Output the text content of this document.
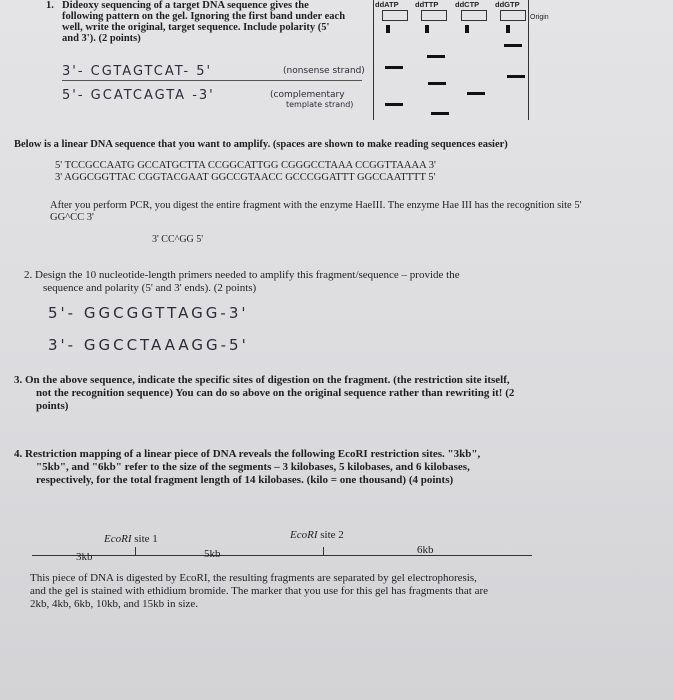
1. Dideoxy sequencing of a target DNA sequence gives the
following pattern on the gel. Ignoring the first band under each
well, write the original, target sequence. Include polarity (5'
and 3'). (2 points)
3'- CGTAGTCAT- 5'	(nonsense strand)
5'- GCATCAGTA -3'	(complementary
template strand)
ddATP ddTTP ddCTP ddGTP
Origin
Below is a linear DNA sequence that you want to amplify. (spaces are shown to make reading sequences easier)
5' TCCGCCAATG GCCATGCTTA CCGGCATTGG CGGGCCTAAA CCGGTTAAAA 3'
3' AGGCGGTTAC CGGTACGAAT GGCCGTAACC GCCCGGATTT GGCCAATTTT 5'
After you perform PCR, you digest the entire fragment with the enzyme HaeIII. The enzyme Hae III has the recognition site 5' GG^CC 3'
3' CC^GG 5'
2. Design the 10 nucleotide-length primers needed to amplify this fragment/sequence – provide the
sequence and polarity (5' and 3' ends). (2 points)
5'- GGCGGTTAGG-3'
3'- GGCCTAAAGG-5'
3. On the above sequence, indicate the specific sites of digestion on the fragment. (the restriction site itself,
not the recognition sequence) You can do so above on the original sequence rather than rewriting it! (2
points)
4. Restriction mapping of a linear piece of DNA reveals the following EcoRI restriction sites. "3kb",
"5kb", and "6kb" refer to the size of the segments – 3 kilobases, 5 kilobases, and 6 kilobases,
respectively, for the total fragment length of 14 kilobases. (kilo = one thousand) (4 points)
EcoRI site 1	EcoRI site 2
3kb	5kb	6kb
This piece of DNA is digested by EcoRI, the resulting fragments are separated by gel electrophoresis,
and the gel is stained with ethidium bromide. The marker that you use for this gel has fragments that are
2kb, 4kb, 6kb, 10kb, and 15kb in size.
